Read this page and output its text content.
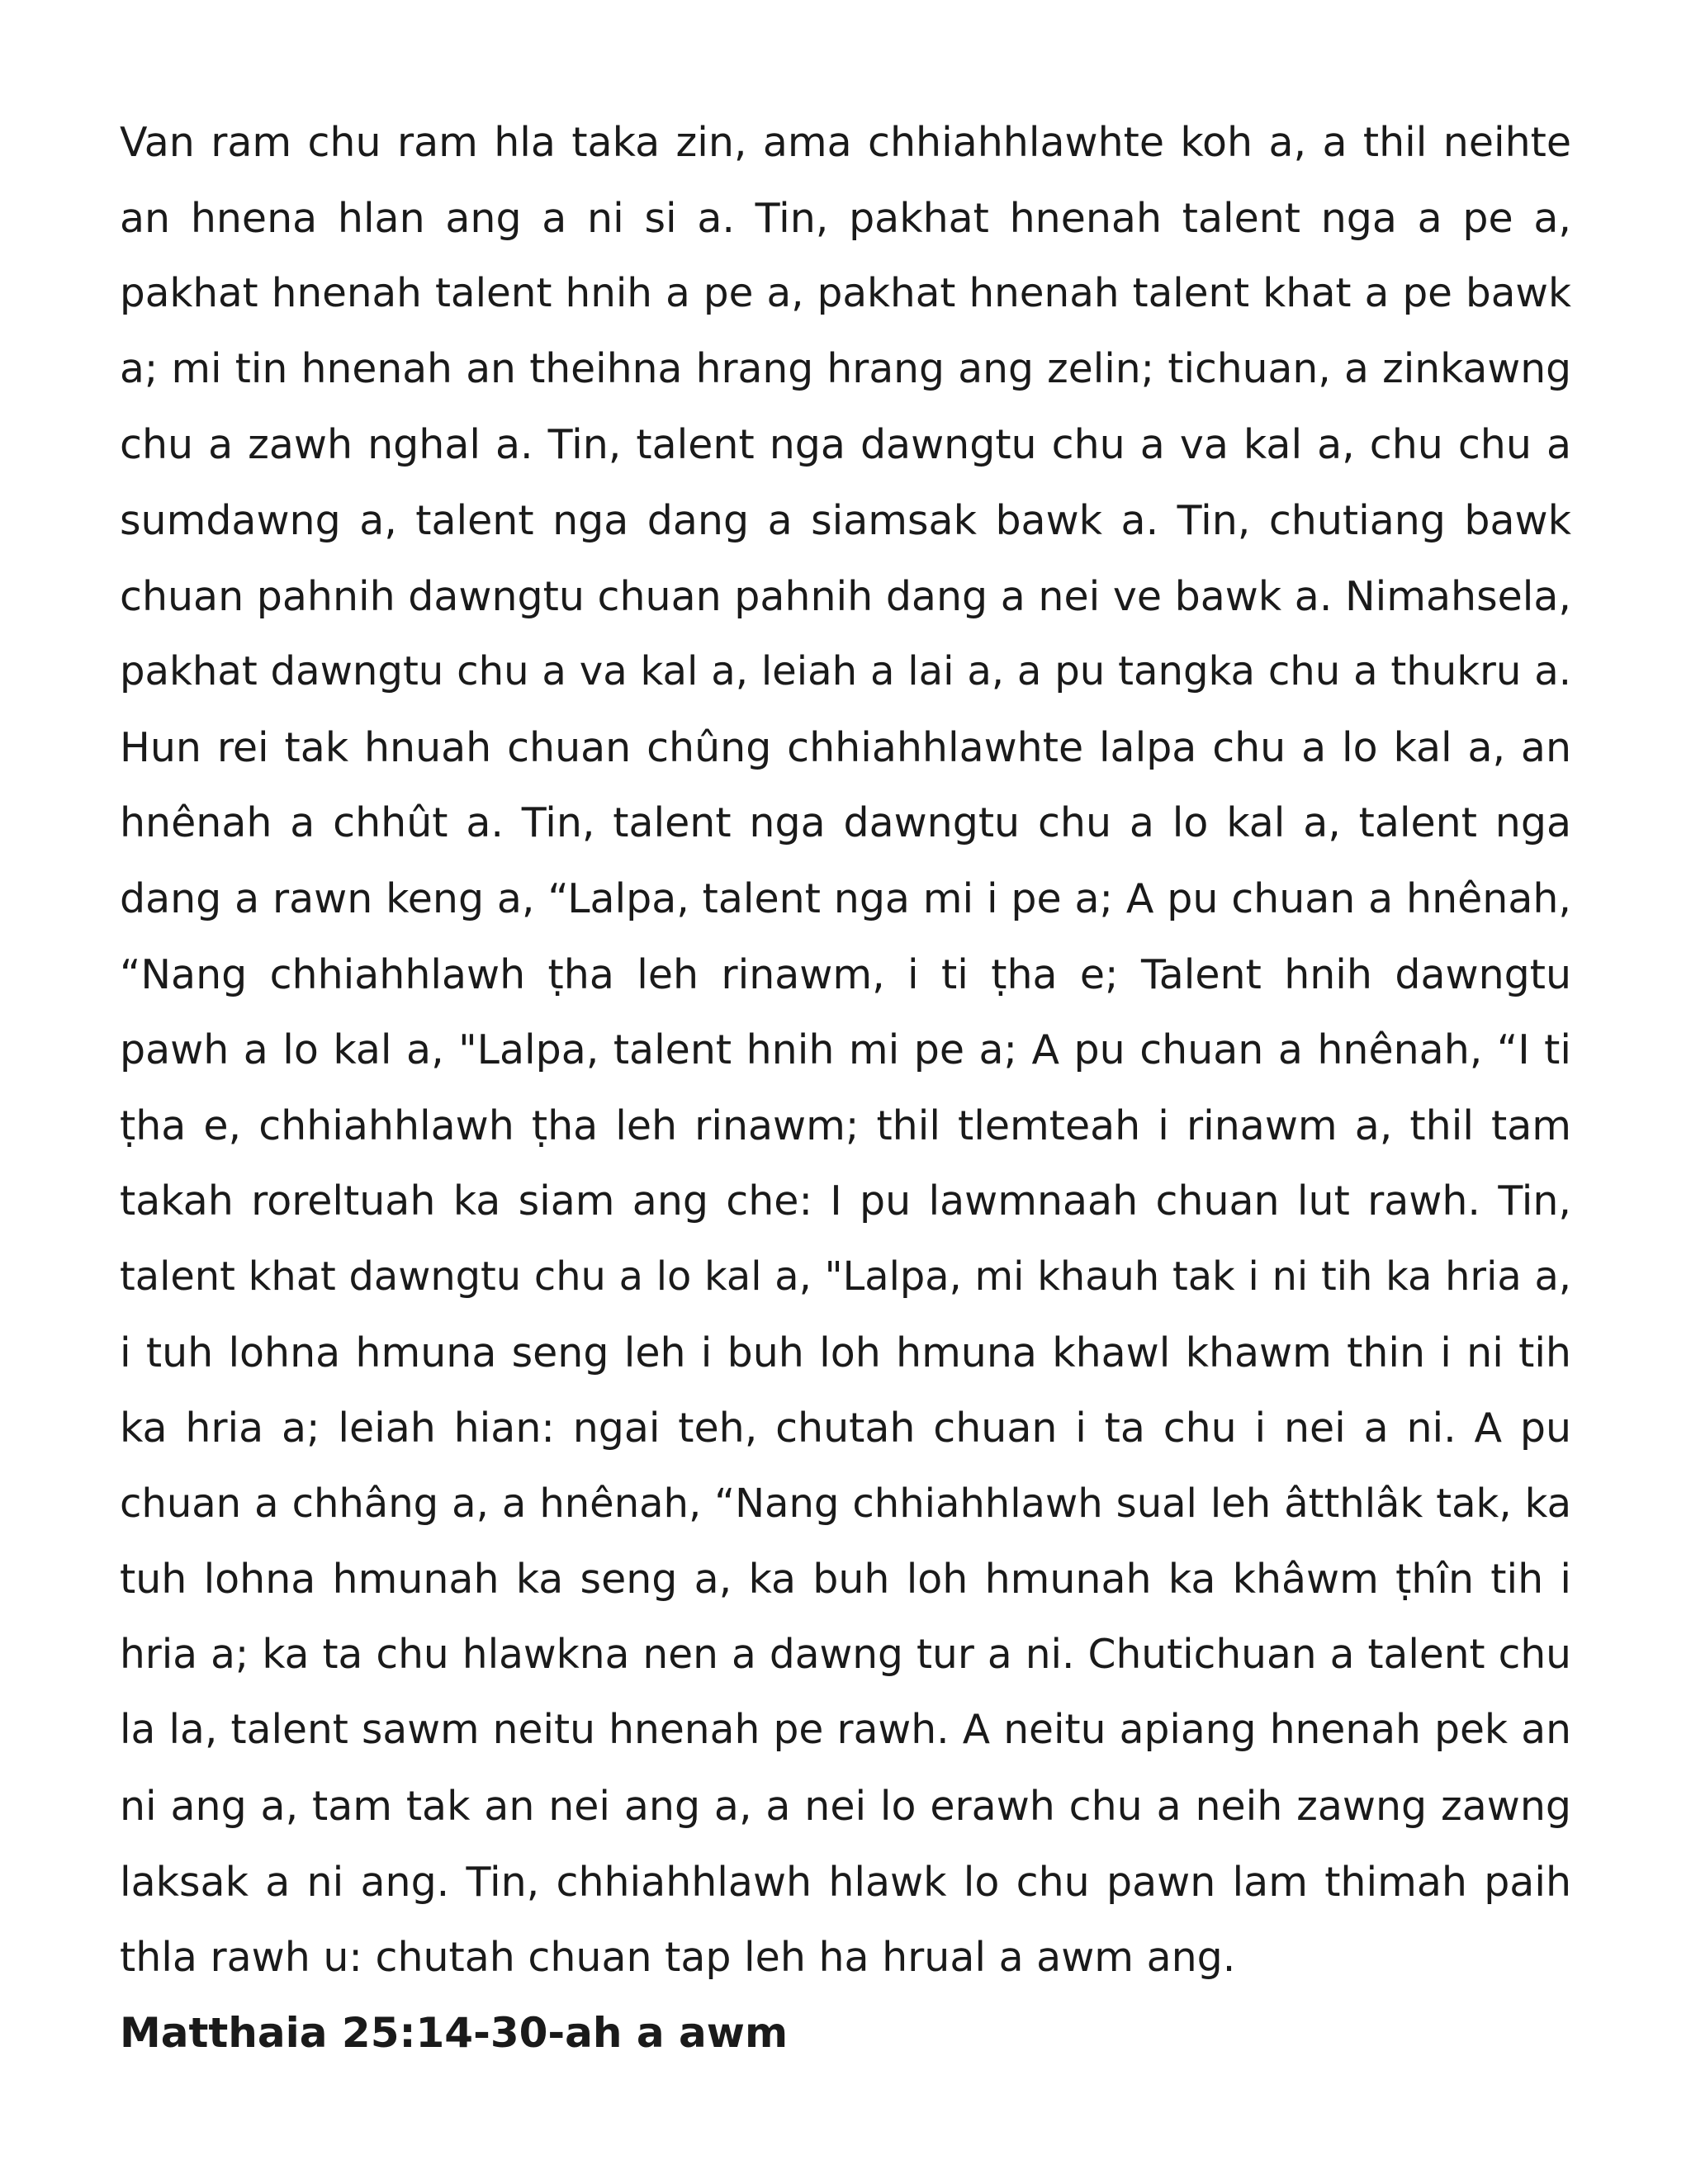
Van ram chu ram hla taka zin, ama chhiahhlawhte koh a, a thil neihte
an hnena hlan ang a ni si a. Tin, pakhat hnenah talent nga a pe a,
pakhat hnenah talent hnih a pe a, pakhat hnenah talent khat a pe bawk
a; mi tin hnenah an theihna hrang hrang ang zelin; tichuan, a zinkawng
chu a zawh nghal a. Tin, talent nga dawngtu chu a va kal a, chu chu a
sumdawng a, talent nga dang a siamsak bawk a. Tin, chutiang bawk
chuan pahnih dawngtu chuan pahnih dang a nei ve bawk a. Nimahsela,
pakhat dawngtu chu a va kal a, leiah a lai a, a pu tangka chu a thukru a.
Hun rei tak hnuah chuan chûng chhiahhlawhte lalpa chu a lo kal a, an
hnênah a chhût a. Tin, talent nga dawngtu chu a lo kal a, talent nga
dang a rawn keng a, “Lalpa, talent nga mi i pe a; A pu chuan a hnênah,
“Nang chhiahhlawh ṭha leh rinawm, i ti ṭha e; Talent hnih dawngtu
pawh a lo kal a, "Lalpa, talent hnih mi pe a; A pu chuan a hnênah, “I ti
ṭha e, chhiahhlawh ṭha leh rinawm; thil tlemteah i rinawm a, thil tam
takah roreltuah ka siam ang che: I pu lawmnaah chuan lut rawh. Tin,
talent khat dawngtu chu a lo kal a, "Lalpa, mi khauh tak i ni tih ka hria a,
i tuh lohna hmuna seng leh i buh loh hmuna khawl khawm thin i ni tih
ka hria a; leiah hian: ngai teh, chutah chuan i ta chu i nei a ni. A pu
chuan a chhâng a, a hnênah, “Nang chhiahhlawh sual leh âtthlâk tak, ka
tuh lohna hmunah ka seng a, ka buh loh hmunah ka khâwm ṭhîn tih i
hria a; ka ta chu hlawkna nen a dawng tur a ni. Chutichuan a talent chu
la la, talent sawm neitu hnenah pe rawh. A neitu apiang hnenah pek an
ni ang a, tam tak an nei ang a, a nei lo erawh chu a neih zawng zawng
laksak a ni ang. Tin, chhiahhlawh hlawk lo chu pawn lam thimah paih
thla rawh u: chutah chuan tap leh ha hrual a awm ang.
Matthaia 25:14-30-ah a awm
